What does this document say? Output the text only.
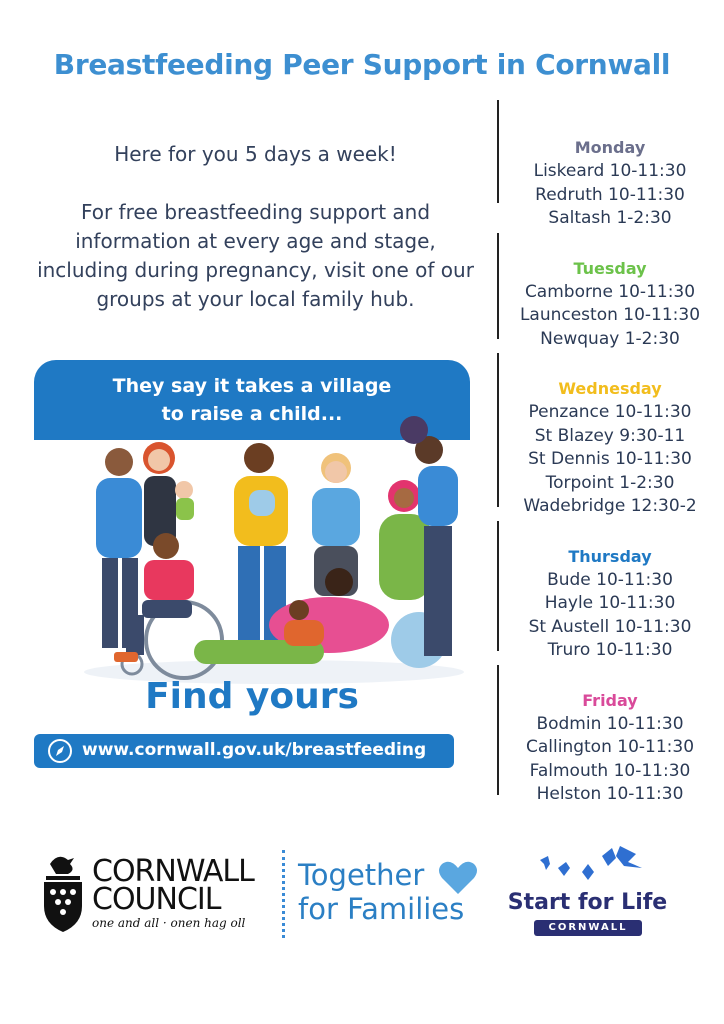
Breastfeeding Peer Support in Cornwall

Here for you 5 days a week!

For free breastfeeding support and information at every age and stage, including during pregnancy, visit one of our groups at your local family hub.

Monday
Liskeard 10-11:30
Redruth 10-11:30
Saltash 1-2:30
Tuesday
Camborne 10-11:30
Launceston 10-11:30
Newquay 1-2:30
Wednesday
Penzance 10-11:30
St Blazey 9:30-11
St Dennis 10-11:30
Torpoint 1-2:30
Wadebridge 12:30-2
Thursday
Bude 10-11:30
Hayle 10-11:30
St Austell 10-11:30
Truro 10-11:30
Friday
Bodmin 10-11:30
Callington 10-11:30
Falmouth 10-11:30
Helston 10-11:30
They say it takes a village
to raise a child...
Find yours
www.cornwall.gov.uk/breastfeeding
CORNWALL
COUNCIL
one and all · onen hag oll
Together
for Families	Start for Life
CORNWALL
